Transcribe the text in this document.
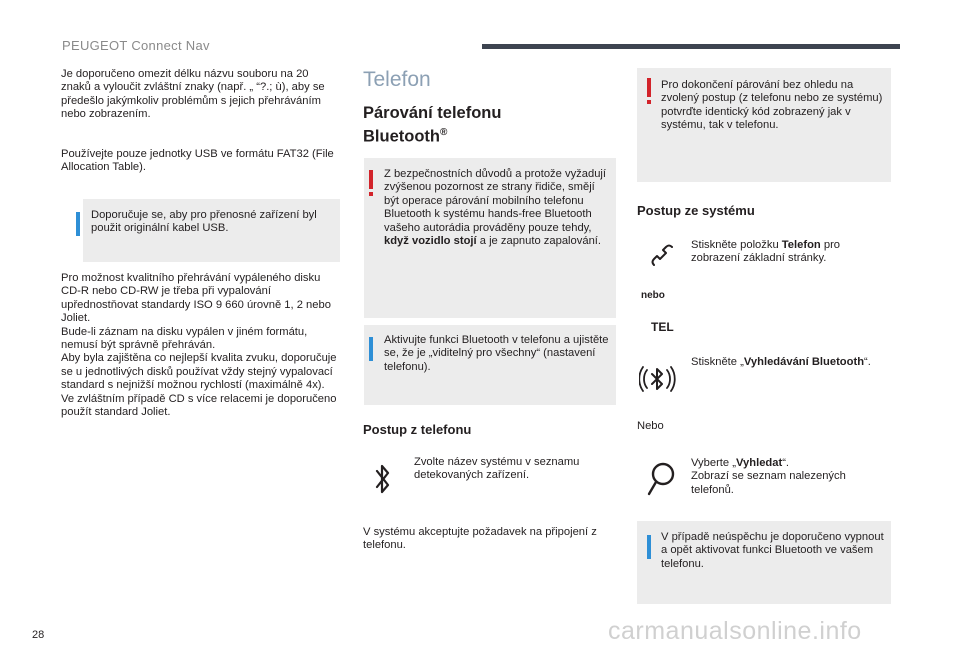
PEUGEOT Connect Nav
Je doporučeno omezit délku názvu souboru na 20 znaků a vyloučit zvláštní znaky (např. „ “?.; ù), aby se předešlo jakýmkoliv problémům s jejich přehráváním nebo zobrazením.
Používejte pouze jednotky USB ve formátu FAT32 (File Allocation Table).
Doporučuje se, aby pro přenosné zařízení byl použit originální kabel USB.
Pro možnost kvalitního přehrávání vypáleného disku CD-R nebo CD-RW je třeba při vypalování upřednostňovat standardy ISO 9 660 úrovně 1, 2 nebo Joliet.
Bude-li záznam na disku vypálen v jiném formátu, nemusí být správně přehráván.
Aby byla zajištěna co nejlepší kvalita zvuku, doporučuje se u jednotlivých disků používat vždy stejný vypalovací standard s nejnižší možnou rychlostí (maximálně 4x).
Ve zvláštním případě CD s více relacemi je doporučeno použít standard Joliet.
Telefon
Párování telefonu
Bluetooth®
Z bezpečnostních důvodů a protože vyžadují zvýšenou pozornost ze strany řidiče, smějí být operace párování mobilního telefonu Bluetooth k systému hands-free Bluetooth vašeho autorádia prováděny pouze tehdy, když vozidlo stojí a je zapnuto zapalování.
Aktivujte funkci Bluetooth v telefonu a ujistěte se, že je „viditelný pro všechny“ (nastavení telefonu).
Postup z telefonu
Zvolte název systému v seznamu detekovaných zařízení.
V systému akceptujte požadavek na připojení z telefonu.
Pro dokončení párování bez ohledu na zvolený postup (z telefonu nebo ze systému) potvrďte identický kód zobrazený jak v systému, tak v telefonu.
Postup ze systému
Stiskněte položku Telefon pro zobrazení základní stránky.
nebo
TEL
Stiskněte „Vyhledávání Bluetooth“.
Nebo
Vyberte „Vyhledat“.
Zobrazí se seznam nalezených telefonů.
V případě neúspěchu je doporučeno vypnout a opět aktivovat funkci Bluetooth ve vašem telefonu.
28	carmanualsonline.info
